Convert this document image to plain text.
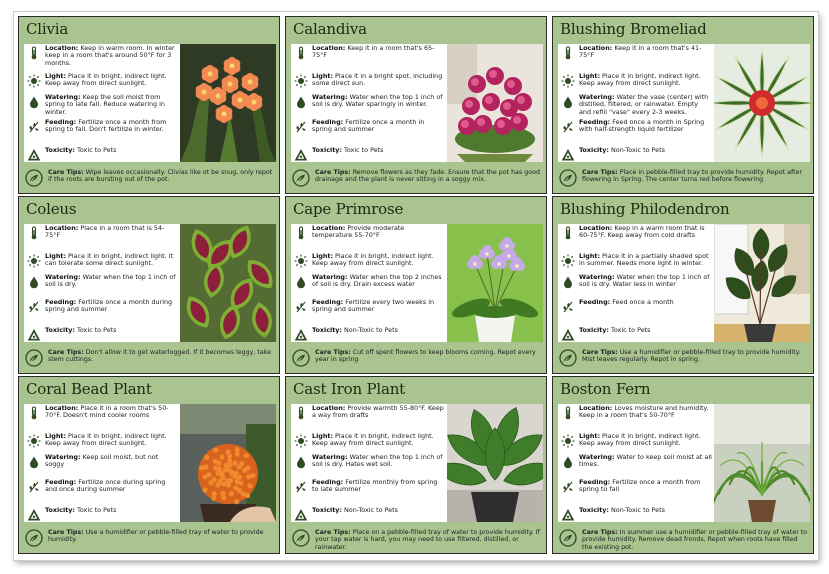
Clivia
Location: Keep in warm room. In winter keep in a room that's around 50°F for 3 months.
Light: Place it in bright, indirect light. Keep away from direct sunlight.
Watering: Keep the soil moist from spring to late fall. Reduce watering in winter.
Feeding: Fertilize once a month from spring to fall. Don't fertilize in winter.
Toxicity: Toxic to Pets
Care Tips: Wipe leaves occasionally. Clivias like ot be snug, only repot if the roots are bursting out of the pot.
Calandiva
Location: Keep it in a room that's 65-75°F
Light: Place it in a bright spot, including some direct sun.
Watering: Water when the top 1 inch of soil is dry. Water sparingly in winter.
Feeding: Fertilize once a month in spring and summer
Toxicity: Toxic to Pets
Care Tips: Remove flowers as they fade. Ensure that the pot has good drainage and the plant is never sitting in a soggy mix.
Blushing Bromeliad
Location: Keep it in a room that's 41-75°F
Light: Place it in bright, indirect light. Keep away from direct sunlight.
Watering: Water the vase (center) with distilled, filtered, or rainwater. Empty and refill "vase" every 2-3 weeks.
Feeding: Feed once a month in Spring with half-strength liquid fertilizer
Toxicity: Non-Toxic to Pets
Care Tips: Place in pebble-filled tray to provide humidity. Repot after flowering in Spring. The center turns red before flowering
Coleus
Location: Place in a room that is 54-75°F
Light: Place it in bright, indirect light. It can tolerate some direct sunlight.
Watering: Water when the top 1 inch of soil is dry.
Feeding: Fertilize once a month during spring and summer
Toxicity: Toxic to Pets
Care Tips: Don't allow it to get waterlogged. If it becomes leggy, take stem cuttings.
Cape Primrose
Location: Provide moderate temperature 55-70°F
Light: Place it in bright, indirect light. Keep away from direct sunlight.
Watering: Water when the top 2 inches of soil is dry. Drain excess water
Feeding: Fertilize every two weeks in spring and summer
Toxicity: Non-Toxic to Pets
Care Tips: Cut off spent flowers to keep blooms coming. Repot every year in spring
Blushing Philodendron
Location: Keep in a warm room that is 60-75°F. Keep away from cold drafts
Light: Place it in a partially shaded spot in summer. Needs more light in winter.
Watering: Water when the top 1 inch of soil is dry. Water less in winter
Feeding: Feed once a month
Toxicity: Toxic to Pets
Care Tips: Use a humidifier or pebble-filled tray to provide humidity. Mist leaves regularly. Repot in spring.
Coral Bead Plant
Location: Place it in a room that's 50-70°F. Doesn't mind cooler rooms
Light: Place it in bright, indirect light. Keep away from direct sunlight.
Watering: Keep soil moist, but not soggy
Feeding: Fertilize once during spring and once during summer
Toxicity: Toxic to Pets
Care Tips: Use a humidifier or pebble-filled tray of water to provide humidity.
Cast Iron Plant
Location: Provide warmth 55-80°F. Keep a way from drafts
Light: Place it in bright, indirect light. Keep away from direct sunlight.
Watering: Water when the top 1 inch of soil is dry. Hates wet soil.
Feeding: Fertilize monthly from spring to late summer
Toxicity: Non-Toxic to Pets
Care Tips: Place on a pebble-filled tray of water to provide humidity. If your tap water is hard, you may need to use filtered, distilled, or rainwater.
Boston Fern
Location: Loves moisture and humidity. Keep in a room that's 50-70°F
Light: Place it in bright, indirect light. Keep away from direct sunlight.
Watering: Water to keep soil moist at all times.
Feeding: Fertilize once a month from spring to fall
Toxicity: Non-Toxic to Pets
Care Tips: In summer use a humidifier or pebble-filled tray of water to provide humidity. Remove dead fronds. Repot when roots have filled the existing pot.
